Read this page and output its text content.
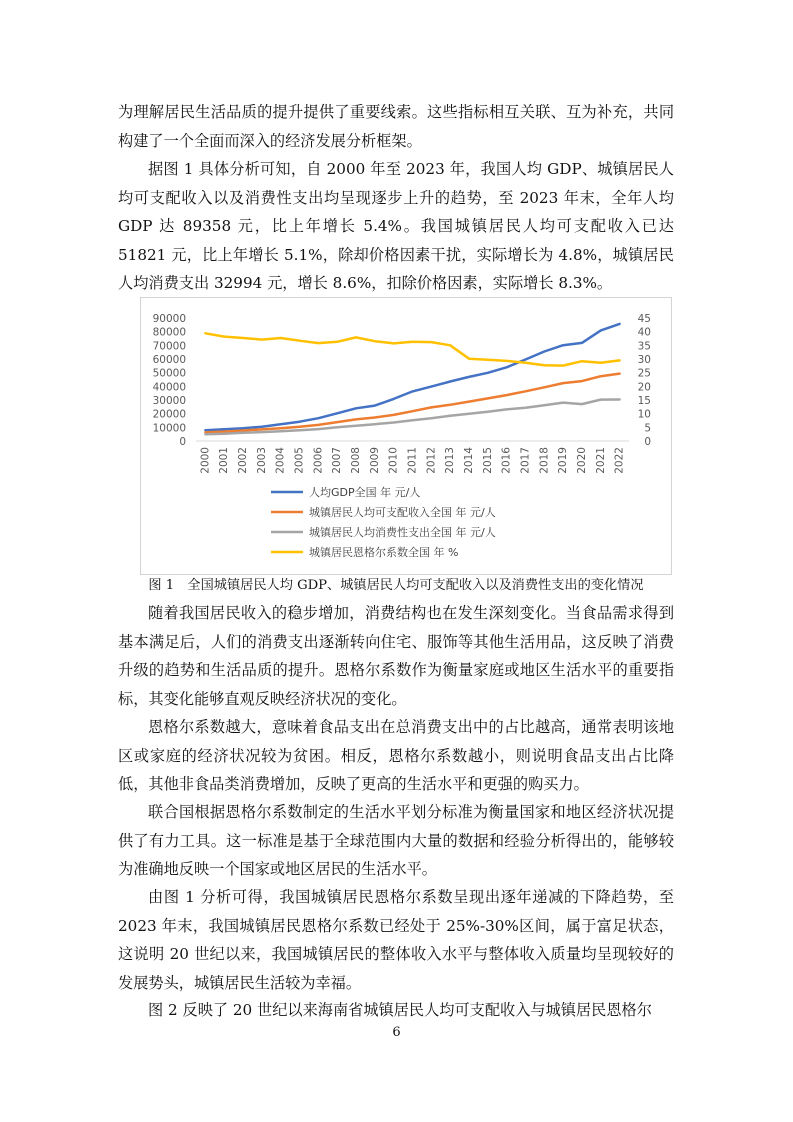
为理解居民生活品质的提升提供了重要线索。这些指标相互关联、互为补充，共同构建了一个全面而深入的经济发展分析框架。

据图 1 具体分析可知，自 2000 年至 2023 年，我国人均 GDP、城镇居民人均可支配收入以及消费性支出均呈现逐步上升的趋势，至 2023 年末，全年人均 GDP 达 89358 元，比上年增长 5.4%。我国城镇居民人均可支配收入已达 51821 元，比上年增长 5.1%，除却价格因素干扰，实际增长为 4.8%，城镇居民人均消费支出 32994 元，增长 8.6%，扣除价格因素，实际增长 8.3%。

0
10000
20000
30000
40000
50000
60000
70000
80000
90000
0
5
10
15
20
25
30
35
40
45
2000 2001 2002 2003 2004 2005 2006 2007 2008 2009 2010 2011 2012 2013 2014 2015 2016 2017 2018 2019 2020 2021 2022
人均GDP全国 年 元/人
城镇居民人均可支配收入全国 年 元/人
城镇居民人均消费性支出全国 年 元/人
城镇居民恩格尔系数全国 年 %

图 1　全国城镇居民人均 GDP、城镇居民人均可支配收入以及消费性支出的变化情况

随着我国居民收入的稳步增加，消费结构也在发生深刻变化。当食品需求得到基本满足后，人们的消费支出逐渐转向住宅、服饰等其他生活用品，这反映了消费升级的趋势和生活品质的提升。恩格尔系数作为衡量家庭或地区生活水平的重要指标，其变化能够直观反映经济状况的变化。

恩格尔系数越大，意味着食品支出在总消费支出中的占比越高，通常表明该地区或家庭的经济状况较为贫困。相反，恩格尔系数越小，则说明食品支出占比降低，其他非食品类消费增加，反映了更高的生活水平和更强的购买力。

联合国根据恩格尔系数制定的生活水平划分标准为衡量国家和地区经济状况提供了有力工具。这一标准是基于全球范围内大量的数据和经验分析得出的，能够较为准确地反映一个国家或地区居民的生活水平。

由图 1 分析可得，我国城镇居民恩格尔系数呈现出逐年递减的下降趋势，至 2023 年末，我国城镇居民恩格尔系数已经处于 25%-30%区间，属于富足状态，这说明 20 世纪以来，我国城镇居民的整体收入水平与整体收入质量均呈现较好的发展势头，城镇居民生活较为幸福。

图 2 反映了 20 世纪以来海南省城镇居民人均可支配收入与城镇居民恩格尔

6
